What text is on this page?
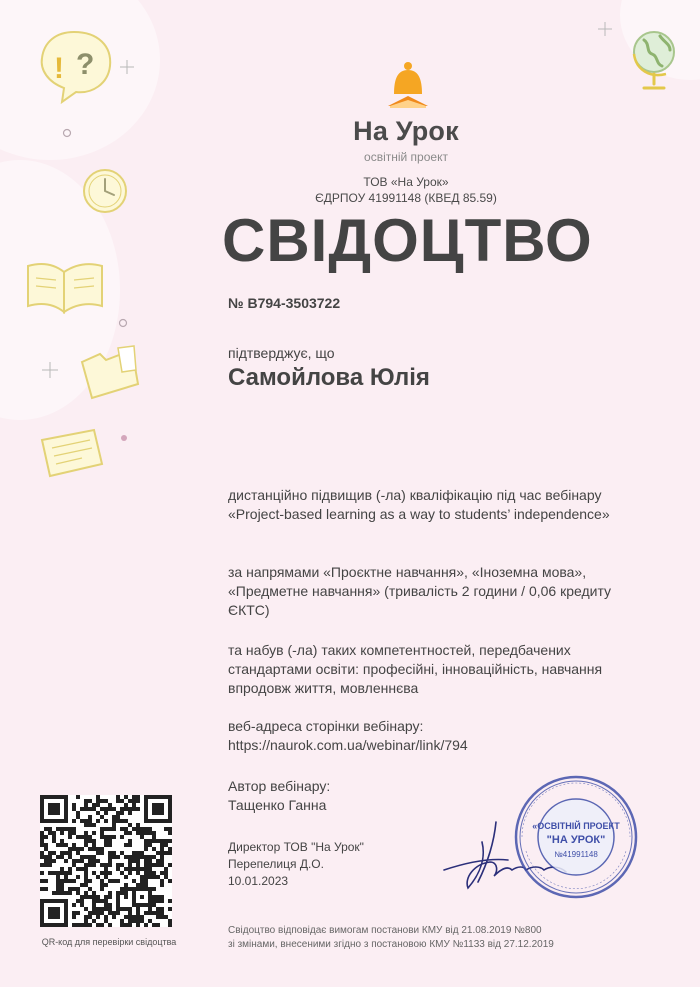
! ?
На Урок
освітній проект
ТОВ «На Урок»
ЄДРПОУ 41991148 (КВЕД 85.59)
СВІДОЦТВО
№ B794-3503722
підтверджує, що
Самойлова Юлія
дистанційно підвищив (-ла) кваліфікацію під час вебінару «Project-based learning as a way to students’ independence»
за напрямами «Проєктне навчання», «Іноземна мова», «Предметне навчання» (тривалість 2 години / 0,06 кредиту ЄКТС)
та набув (-ла) таких компетентностей, передбачених стандартами освіти: професійні, інноваційність, навчання впродовж життя, мовленнєва
веб-адреса сторінки вебінару:
https://naurok.com.ua/webinar/link/794
Автор вебінару:
Тащенко Ганна
Директор ТОВ "На Урок"
Перепелиця Д.О.
10.01.2023
QR-код для перевірки свідоцтва
«ОСВІТНІЙ ПРОЕКТ
"НА УРОК"
№41991148
Свідоцтво відповідає вимогам постанови КМУ від 21.08.2019 №800
зі змінами, внесеними згідно з постановою КМУ №1133 від 27.12.2019
